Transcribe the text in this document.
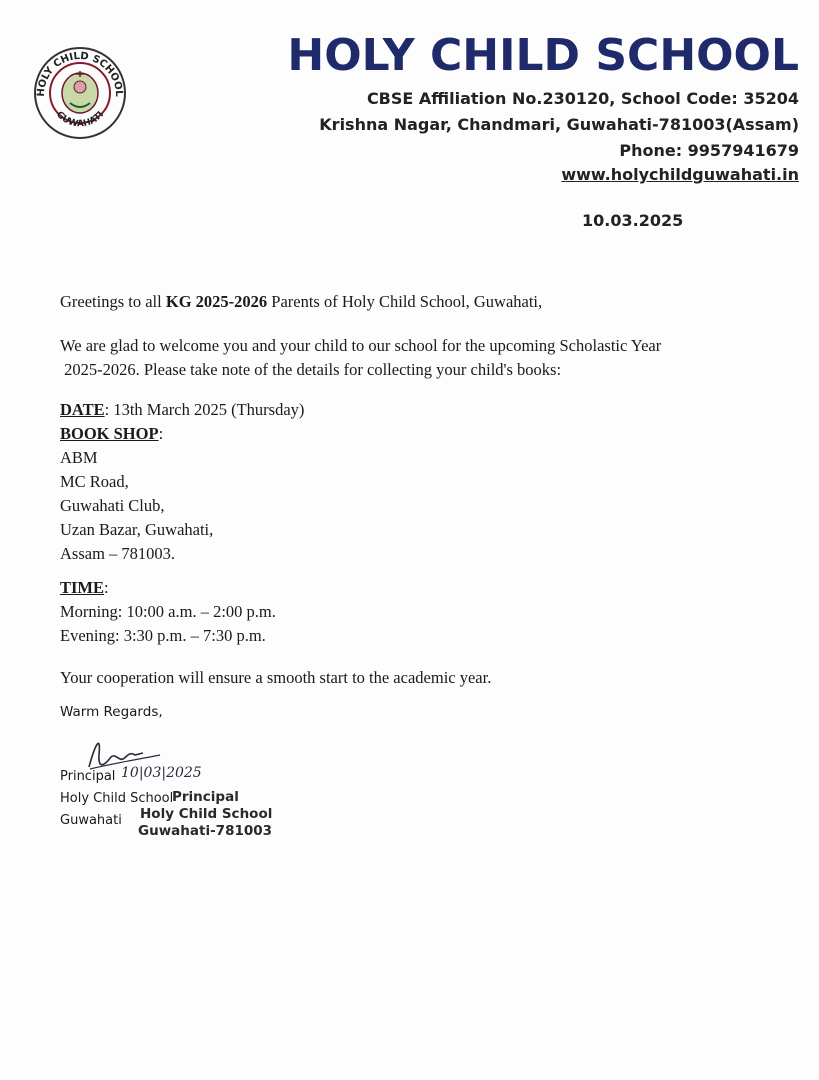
HOLY CHILD SCHOOL
GUWAHATI
HOLY CHILD SCHOOL
CBSE Affiliation No.230120, School Code: 35204
Krishna Nagar, Chandmari, Guwahati-781003(Assam)
Phone: 9957941679
www.holychildguwahati.in
10.03.2025
Greetings to all KG 2025-2026 Parents of Holy Child School, Guwahati,
We are glad to welcome you and your child to our school for the upcoming Scholastic Year
2025-2026. Please take note of the details for collecting your child's books:
DATE: 13th March 2025 (Thursday)
BOOK SHOP:
ABM
MC Road,
Guwahati Club,
Uzan Bazar, Guwahati,
Assam – 781003.
TIME:
Morning: 10:00 a.m. – 2:00 p.m.
Evening: 3:30 p.m. – 7:30 p.m.
Your cooperation will ensure a smooth start to the academic year.
Warm Regards,
10|03|2025
Principal
Holy Child School
Guwahati
Principal
Holy Child School
Guwahati-781003
